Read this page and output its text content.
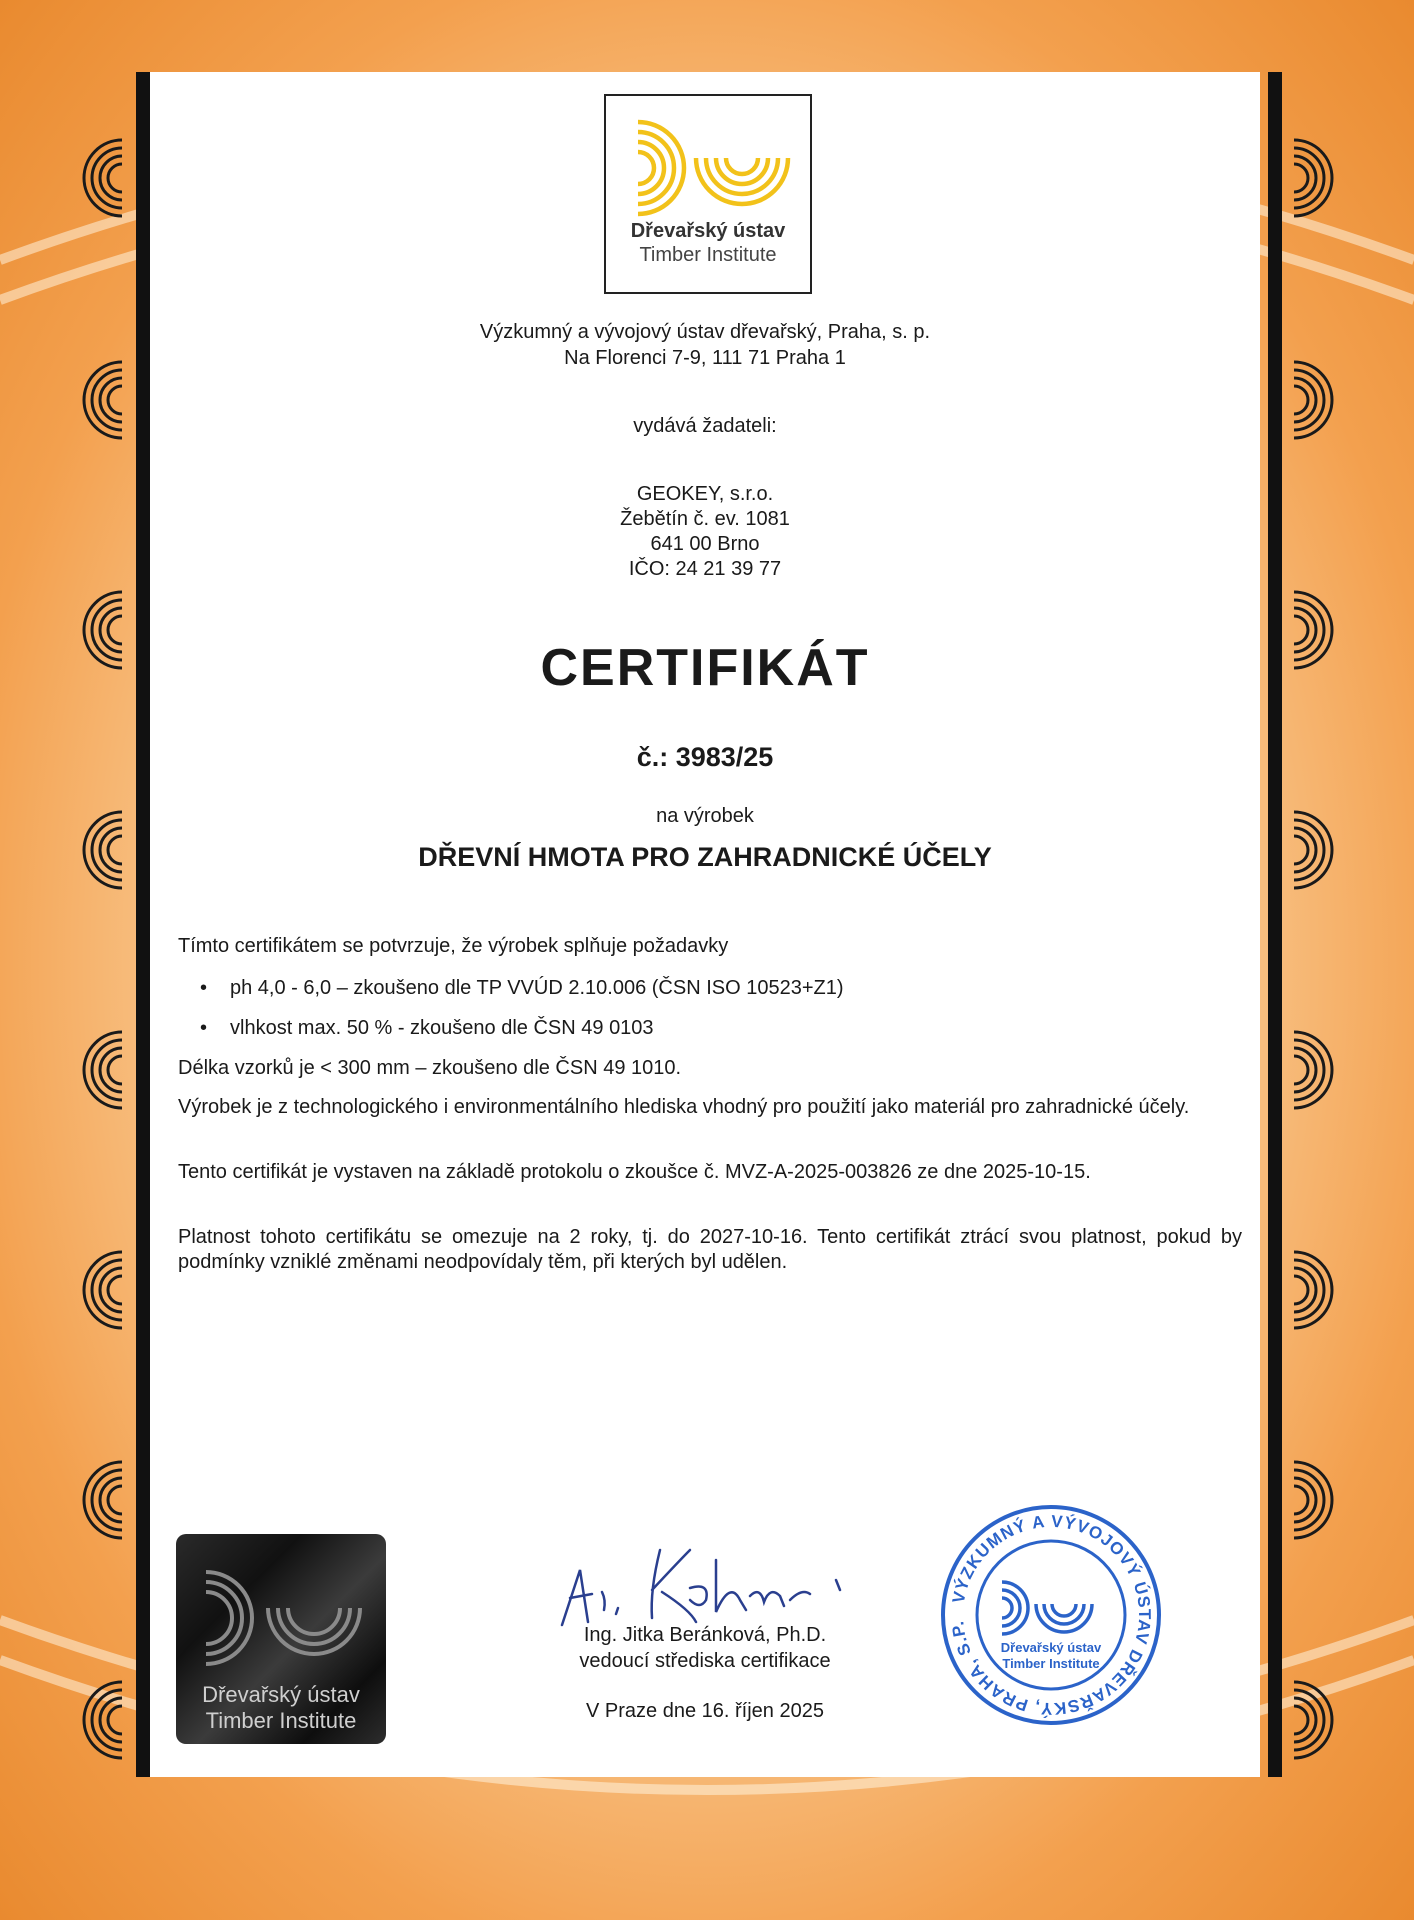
Dřevařský ústav
Timber Institute
Výzkumný a vývojový ústav dřevařský, Praha, s. p.
Na Florenci 7-9, 111 71 Praha 1
vydává žadateli:
GEOKEY, s.r.o.
Žebětín č. ev. 1081
641 00 Brno
IČO: 24 21 39 77
CERTIFIKÁT
č.: 3983/25
na výrobek
DŘEVNÍ HMOTA PRO ZAHRADNICKÉ ÚČELY
Tímto certifikátem se potvrzuje, že výrobek splňuje požadavky
• ph 4,0 - 6,0 – zkoušeno dle TP VVÚD 2.10.006 (ČSN ISO 10523+Z1)
• vlhkost max. 50 % - zkoušeno dle ČSN 49 0103
Délka vzorků je < 300 mm – zkoušeno dle ČSN 49 1010.
Výrobek je z technologického i environmentálního hlediska vhodný pro použití jako materiál pro zahradnické účely.
Tento certifikát je vystaven na základě protokolu o zkoušce č. MVZ-A-2025-003826 ze dne 2025-10-15.
Platnost tohoto certifikátu se omezuje na 2 roky, tj. do 2027-10-16. Tento certifikát ztrácí svou platnost, pokud by podmínky vzniklé změnami neodpovídaly těm, při kterých byl udělen.
Dřevařský ústav
Timber Institute
Ing. Jitka Beránková, Ph.D.
vedoucí střediska certifikace
V Praze dne 16. říjen 2025
VÝZKUMNÝ A VÝVOJOVÝ ÚSTAV DŘEVAŘSKÝ, PRAHA, S.P.
Dřevařský ústav
Timber Institute
